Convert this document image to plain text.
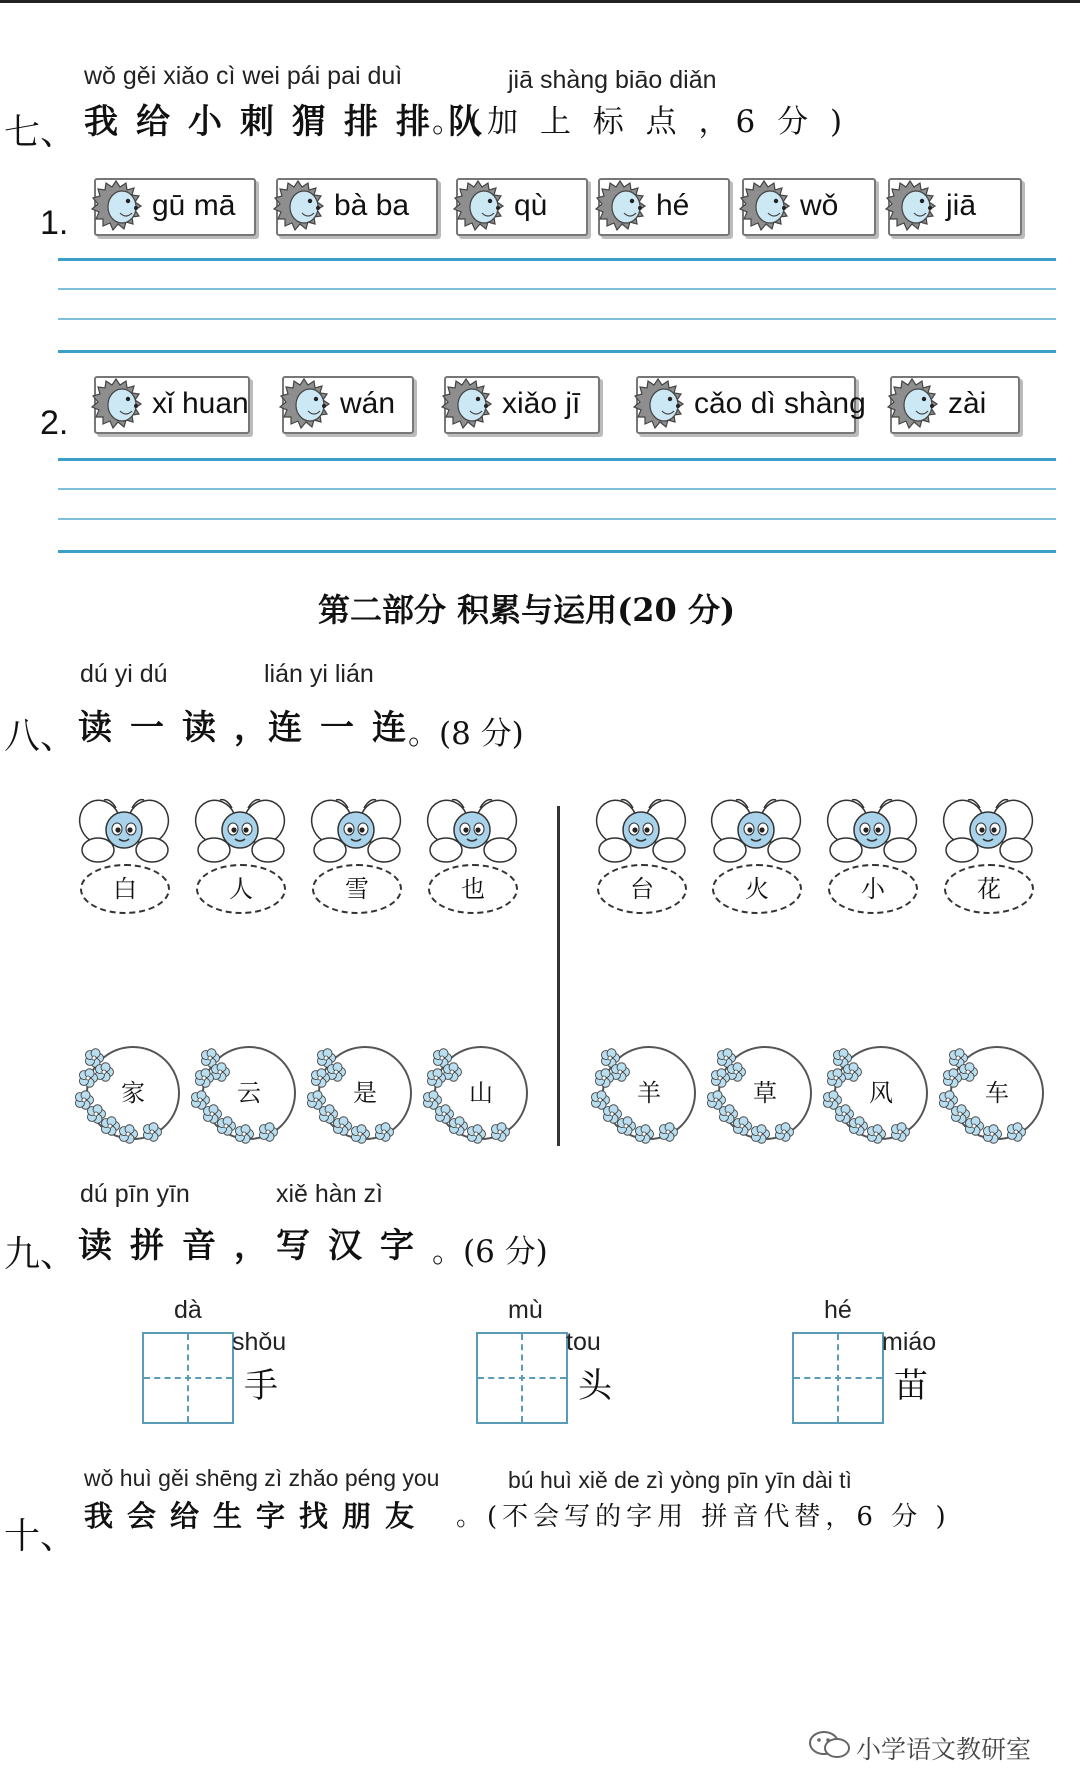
wǒ gěi xiǎo cì wei pái pai duì	jiā shàng biāo diǎn
七、 我给小刺猬排排队
。(加 上 标 点 ，6 分 )
1.	gū mā	bà ba	qù	hé	wǒ	jiā
2.
xǐ huan	wán	xiǎo jī	cǎo dì shàng	zài
第二部分 积累与运用(20 分)
dú yi dú	lián yi lián
八、 读一读，
连一连
。(8 分)
白	人	雪	也	台	火	小	花
家	云	是	山	羊	草	风	车
dú pīn yīn	xiě hàn zì
九、 读拼音，
写汉字 。(6 分)
dà
shǒu
手
mù
tou
头
hé
miáo
苗
wǒ huì gěi shēng zì zhǎo péng you	bú huì xiě de zì yòng pīn yīn dài tì
十、 我会给生字找朋友 。(不会写的字用 拼音代替，6 分 )
小学语文教研室
